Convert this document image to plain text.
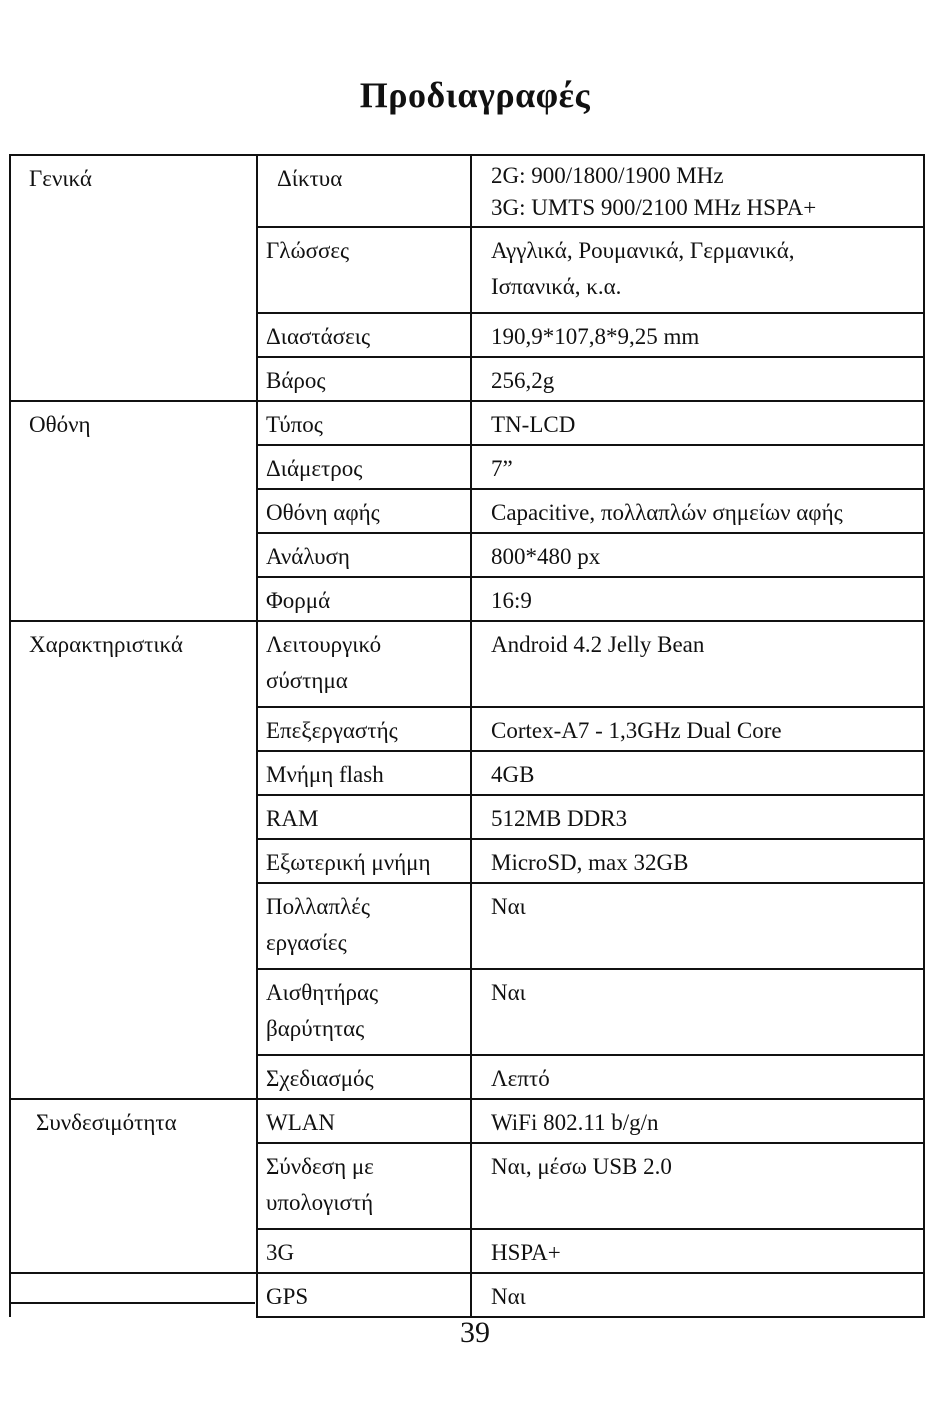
Προδιαγραφές
Γενικά	Δίκτυα	2G: 900/1800/1900 MHz
3G: UMTS 900/2100 MHz HSPA+

	Γλώσσες	Αγγλικά, Ρουμανικά, Γερμανικά,
Ισπανικά, κ.α.

	Διαστάσεις	190,9*107,8*9,25 mm

	Βάρος	256,2g

Οθόνη	Τύπος	TN-LCD

	Διάμετρος	7”

	Οθόνη αφής	Capacitive, πολλαπλών σημείων αφής

	Ανάλυση	800*480 px

	Φορμά	16:9

Χαρακτηριστικά	Λειτουργικό
σύστημα	Android 4.2 Jelly Bean

	Επεξεργαστής	Cortex-A7 - 1,3GHz Dual Core

	Μνήμη flash	4GB

	RAM	512MB DDR3

	Εξωτερική μνήμη	MicroSD, max 32GB

	Πολλαπλές
εργασίες	Ναι

	Αισθητήρας
βαρύτητας	Ναι

	Σχεδιασμός	Λεπτό

Συνδεσιμότητα	WLAN	WiFi 802.11 b/g/n

	Σύνδεση με
υπολογιστή	Ναι, μέσω USB 2.0

	3G	HSPA+

	GPS	Ναι
39
